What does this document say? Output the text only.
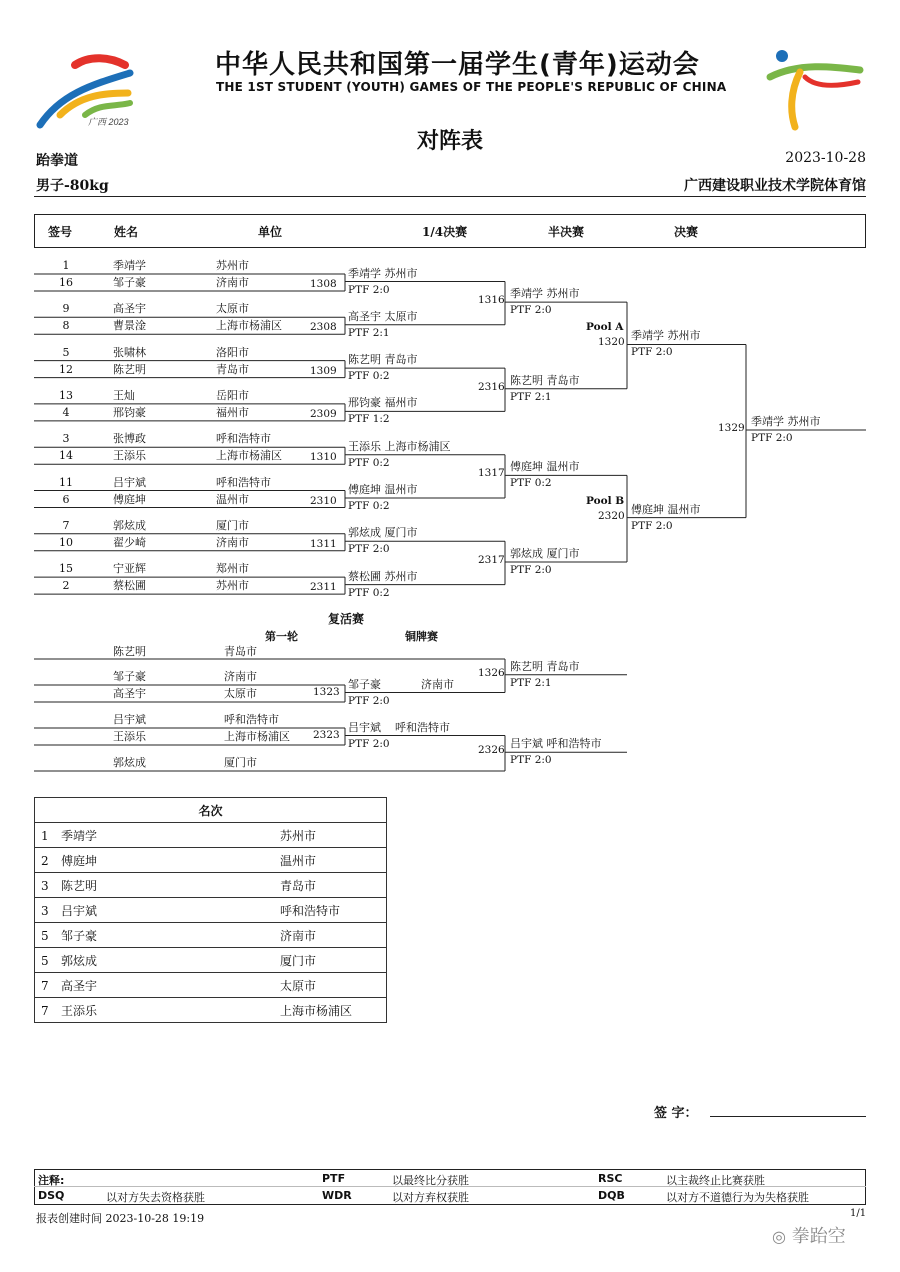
广西 2023
中华人民共和国第一届学生(青年)运动会
THE 1ST STUDENT (YOUTH) GAMES OF THE PEOPLE'S REPUBLIC OF CHINA
对阵表
跆拳道	2023-10-28
男子-80kg	广西建设职业技术学院体育馆
签号	姓名	单位	1/4决赛	半决赛	决赛
1	季靖学	苏州市
16	邹子豪	济南市
9	高圣宇	太原市
8	曹景淦	上海市杨浦区
5	张啸林	洛阳市
12	陈艺明	青岛市
13	王灿	岳阳市
4	邢钧豪	福州市
3	张博政	呼和浩特市
14	王添乐	上海市杨浦区
11	吕宇斌	呼和浩特市
6	傅庭坤	温州市
7	郭炫成	厦门市
10	翟少崎	济南市
15	宁亚辉	郑州市
2	蔡松圃	苏州市
陈艺明	青岛市
邹子豪	济南市
高圣宇	太原市
吕宇斌	呼和浩特市
王添乐	上海市杨浦区
郭炫成	厦门市
1308
季靖学 苏州市
PTF 2:0
2308
高圣宇 太原市
PTF 2:1
1309
陈艺明 青岛市
PTF 0:2
2309
邢钧豪 福州市
PTF 1:2
1310
王添乐 上海市杨浦区
PTF 0:2
2310
傅庭坤 温州市
PTF 0:2
1311
郭炫成 厦门市
PTF 2:0
2311
蔡松圃 苏州市
PTF 0:2
1316 季靖学 苏州市
PTF 2:0
2316 陈艺明 青岛市
PTF 2:1
1317 傅庭坤 温州市
PTF 0:2
2317 郭炫成 厦门市
PTF 2:0
Pool A
1320 季靖学 苏州市
PTF 2:0
Pool B
2320 傅庭坤 温州市
PTF 2:0
1329 季靖学 苏州市
PTF 2:0
1323
邹子豪	济南市
PTF 2:0
2323
吕宇斌 呼和浩特市
PTF 2:0
1326 陈艺明 青岛市
PTF 2:1
2326 吕宇斌 呼和浩特市
PTF 2:0
复活赛
第一轮	铜牌赛
名次	
1 季靖学	苏州市
2 傅庭坤	温州市
3 陈艺明	青岛市
3 吕宇斌	呼和浩特市
5 邹子豪	济南市
5 郭炫成	厦门市
7 高圣宇	太原市
7 王添乐	上海市杨浦区
签 字：
注释:	PTF	以最终比分获胜	RSC	以主裁终止比赛获胜
DSQ	以对方失去资格获胜	WDR	以对方弃权获胜	DQB	以对方不道德行为为失格获胜
报表创建时间 2023-10-28 19:19	1/1
◎ 拳跆空
